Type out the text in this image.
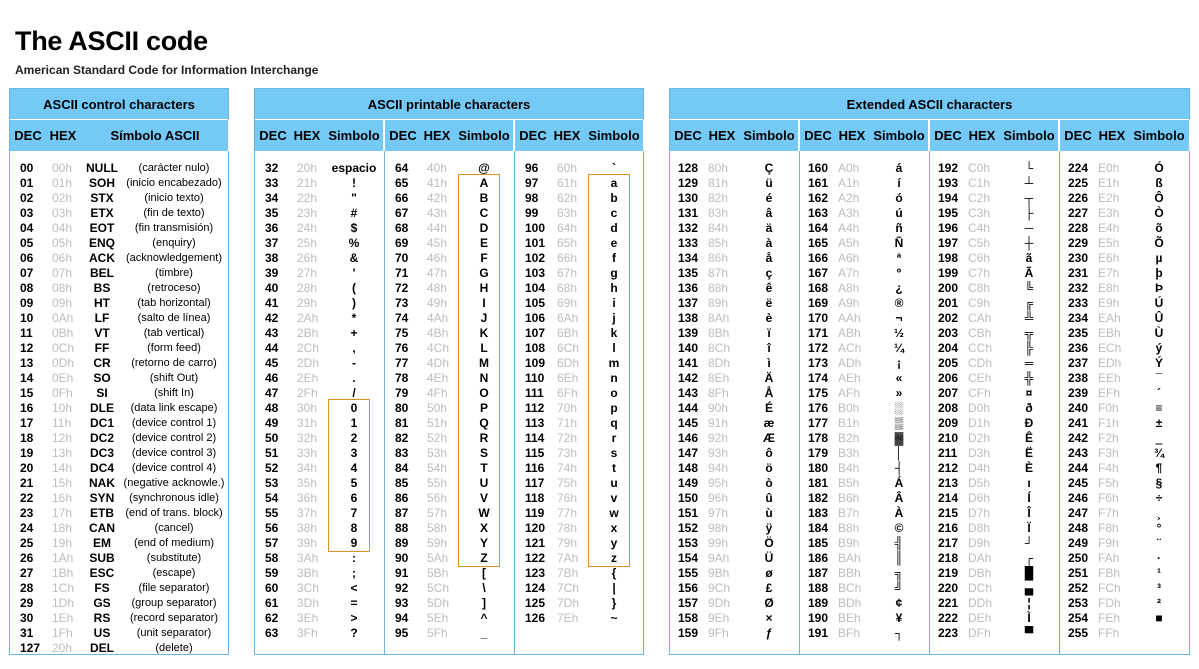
The ASCII code
American Standard Code for Information Interchange
ASCII control characters
DEC HEX	Símbolo ASCII
00	00h	NULL	(carácter nulo)
01	01h	SOH	(inicio encabezado)
02	02h	STX	(inicio texto)
03	03h	ETX	(fin de texto)
04	04h	EOT	(fin transmisión)
05	05h	ENQ	(enquiry)
06	06h	ACK	(acknowledgement)
07	07h	BEL	(timbre)
08	08h	BS	(retroceso)
09	09h	HT	(tab horizontal)
10	0Ah	LF	(salto de línea)
11	0Bh	VT	(tab vertical)
12	0Ch	FF	(form feed)
13	0Dh	CR	(retorno de carro)
14	0Eh	SO	(shift Out)
15	0Fh	SI	(shift In)
16	10h	DLE	(data link escape)
17	11h	DC1	(device control 1)
18	12h	DC2	(device control 2)
19	13h	DC3	(device control 3)
20	14h	DC4	(device control 4)
21	15h	NAK (negative acknowle.)
22	16h	SYN	(synchronous idle)
23	17h	ETB	(end of trans. block)
24	18h	CAN	(cancel)
25	19h	EM	(end of medium)
26	1Ah	SUB	(substitute)
27	1Bh	ESC	(escape)
28	1Ch	FS	(file separator)
29	1Dh	GS	(group separator)
30	1Eh	RS	(record separator)
31	1Fh	US	(unit separator)
127 20h	DEL	(delete)
ASCII printable characters
DEC HEX Simbolo
32	20h	espacio
33	21h	!
34	22h	"
35	23h	#
36	24h	$
37	25h	%
38	26h	&
39	27h	'
40	28h	(
41	29h	)
42	2Ah	*
43	2Bh	+
44	2Ch	,
45	2Dh	-
46	2Eh	.
47	2Fh	/
48	30h	0
49	31h	1
50	32h	2
51	33h	3
52	34h	4
53	35h	5
54	36h	6
55	37h	7
56	38h	8
57	39h	9
58	3Ah	:
59	3Bh	;
60	3Ch	<
61	3Dh	=
62	3Eh	>
63	3Fh	?
DEC HEX Simbolo
64	40h	@
65	41h	A
66	42h	B
67	43h	C
68	44h	D
69	45h	E
70	46h	F
71	47h	G
72	48h	H
73	49h	I
74	4Ah	J
75	4Bh	K
76	4Ch	L
77	4Dh	M
78	4Eh	N
79	4Fh	O
80	50h	P
81	51h	Q
82	52h	R
83	53h	S
84	54h	T
85	55h	U
86	56h	V
87	57h	W
88	58h	X
89	59h	Y
90	5Ah	Z
91	5Bh	[
92	5Ch	\
93	5Dh	]
94	5Eh	^
95	5Fh	_
DEC HEX Simbolo
96	60h	`
97	61h	a
98	62h	b
99	63h	c
100 64h	d
101 65h	e
102 66h	f
103 67h	g
104 68h	h
105 69h	i
106 6Ah	j
107 6Bh	k
108 6Ch	l
109 6Dh	m
110	6Eh	n
111	6Fh	o
112	70h	p
113	71h	q
114	72h	r
115	73h	s
116	74h	t
117	75h	u
118	76h	v
119	77h	w
120 78h	x
121 79h	y
122 7Ah	z
123 7Bh	{
124 7Ch	|
125 7Dh	}
126 7Eh	~
Extended ASCII characters
DEC HEX Simbolo
128 80h	Ç
129 81h	ü
130 82h	é
131 83h	â
132 84h	ä
133 85h	à
134 86h	å
135 87h	ç
136 88h	ê
137 89h	ë
138 8Ah	è
139 8Bh	ï
140 8Ch	î
141 8Dh	ì
142 8Eh	Ä
143 8Fh	Å
144 90h	É
145 91h	æ
146 92h	Æ
147 93h	ô
148 94h	ö
149 95h	ò
150 96h	û
151 97h	ù
152 98h	ÿ
153 99h	Ö
154 9Ah	Ü
155 9Bh	ø
156 9Ch	£
157 9Dh	Ø
158 9Eh	×
159 9Fh	ƒ
DEC HEX Simbolo
160 A0h	á
161 A1h	í
162 A2h	ó
163 A3h	ú
164 A4h	ñ
165 A5h	Ñ
166 A6h	ª
167 A7h	º
168 A8h	¿
169 A9h	®
170 AAh	¬
171 ABh	½
172 ACh	¼
173 ADh	¡
174 AEh	«
175 AFh	»
176 B0h	░
177 B1h	▒
178 B2h	▓
179 B3h	│
180 B4h	┤
181 B5h	Á
182 B6h	Â
183 B7h	À
184 B8h	©
185 B9h	╣
186 BAh	║
187 BBh	╗
188 BCh	╝
189 BDh	¢
190 BEh	¥
191 BFh	┐
DEC HEX Simbolo
192 C0h	└
193 C1h	┴
194 C2h	┬
195 C3h	├
196 C4h	─
197 C5h	┼
198 C6h	ã
199 C7h	Ã
200 C8h	╚
201 C9h	╔
202 CAh	╩
203 CBh	╦
204 CCh	╠
205 CDh	═
206 CEh	╬
207 CFh	¤
208 D0h	ð
209 D1h	Ð
210 D2h	Ê
211 D3h	Ë
212 D4h	È
213 D5h	ı
214 D6h	Í
215 D7h	Î
216 D8h	Ï
217 D9h	┘
218 DAh	┌
219 DBh	█
220 DCh	▄
221 DDh	¦
222 DEh	Ì
223 DFh	▀
DEC HEX Simbolo
224 E0h	Ó
225 E1h	ß
226 E2h	Ô
227 E3h	Ò
228 E4h	õ
229 E5h	Õ
230 E6h	µ
231 E7h	þ
232 E8h	Þ
233 E9h	Ú
234 EAh	Û
235 EBh	Ù
236 ECh	ý
237 EDh	Ý
238 EEh	¯
239 EFh	´
240 F0h	≡
241 F1h	±
242 F2h	‗
243 F3h	¾
244 F4h	¶
245 F5h	§
246 F6h	÷
247 F7h	¸
248 F8h	°
249 F9h	¨
250 FAh	·
251 FBh	¹
252 FCh	³
253 FDh	²
254 FEh	■
255 FFh
